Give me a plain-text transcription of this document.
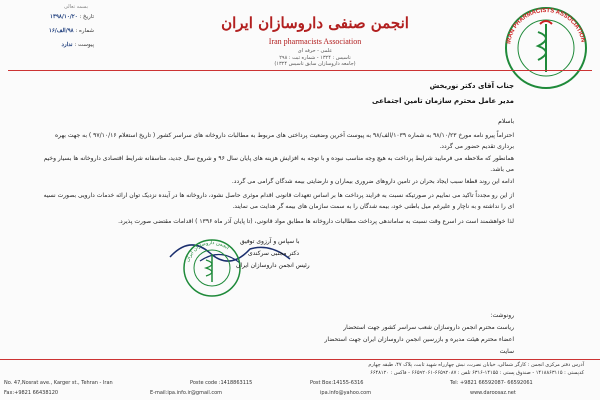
بسمه تعالی
تاریخ : ۱۳۹۸/۱۰/۲۰
شماره : ۹۸/الف/۱۶
پیوست : ندارد
انجمن صنفی داروسازان ایران
Iran pharmacists Association
علمی - حرفه ای
تاسیس : ۱۳۲۴ - شماره ثبت : ۲۹۸
(جامعه داروسازان سابق تاسیس ۱۳۲۴)
IRAN PHARMACISTS ASSOCIATION
جناب آقای دکتر نوربخش
مدیر عامل محترم سازمان تامین اجتماعی
باسلام
احتراماً پیرو نامه مورخ ۹۸/۱۰/۲۳ به شماره ۱۰۳۹/الف/۹۸ به پیوست آخرین وضعیت پرداختی های مربوط به مطالبات داروخانه های سراسر کشور ( تاریخ استعلام ۹۷/۱۰/۱۶ ) به جهت بهره برداری تقدیم حضور می گردد.
همانطور که ملاحظه می فرمایید شرایط پرداخت به هیچ وجه مناسب نبوده و با توجه به افزایش هزینه های پایان سال ۹۶ و شروع سال جدید، متاسفانه شرایط اقتصادی داروخانه ها بسیار وخیم می باشد.
ادامه این روند قطعا سبب ایجاد بحران در تامین داروهای ضروری بیماران و نارضایتی بیمه شدگان گرامی می گردد.
از این رو مجدداً تاکید می نماییم در صورتیکه نسبت به فرایند پرداخت ها بر اساس تعهدات قانونی اقدام موثری حاصل نشود، داروخانه ها در آینده نزدیک توان ارائه خدمات دارویی بصورت نسیه ای را نداشته و به ناچار و علیرغم میل باطنی خود، بیمه شدگان را به سمت سازمان های بیمه گر هدایت می نمایند.
لذا خواهشمند است در اسرع وقت نسبت به ساماندهی پرداخت مطالبات داروخانه ها مطابق مواد قانونی، (تا پایان آذر ماه ۱۳۹۶ ) اقدامات مقتضی صورت پذیرد.
انجمن داروسازان ایران
با سپاس و آرزوی توفیق
دکتر مجتبی سرکندی
رئیس انجمن داروسازان ایران
رونوشت:
ریاست محترم انجمن داروسازان شعب سراسر کشور جهت استحضار
اعضاء محترم هیئت مدیره و بازرسین انجمن داروسازان ایران جهت استحضار
سایت
آدرس دفتر مرکزی انجمن : کارگر شمالی، خیابان نصرت، نبش چهارراه شهید ثابت، پلاک ۴۷، طبقه چهارم
کدپستی : ۱۴۱۸۸۶۳۱۱۵ - صندوق پستی : ۱۴۱۵۵-۶۳۱۶ تلفن : ۶۶۵۹۲۰۸۷-۶۶۵۹۲۰۶۱ - فاکس : ۶۶۴۸۱۲۰
No. 47,Nosrat ave., Karger st., Tehran - Iran	Poste code :1418863115	Post Box:14155-6316	Tel: +9821 66592087- 66592061
Fax:+9821 66438120	E-mail:ipa.info.ir@gmail.com	ipa.info@yahoo.com	www.daroosaz.net
